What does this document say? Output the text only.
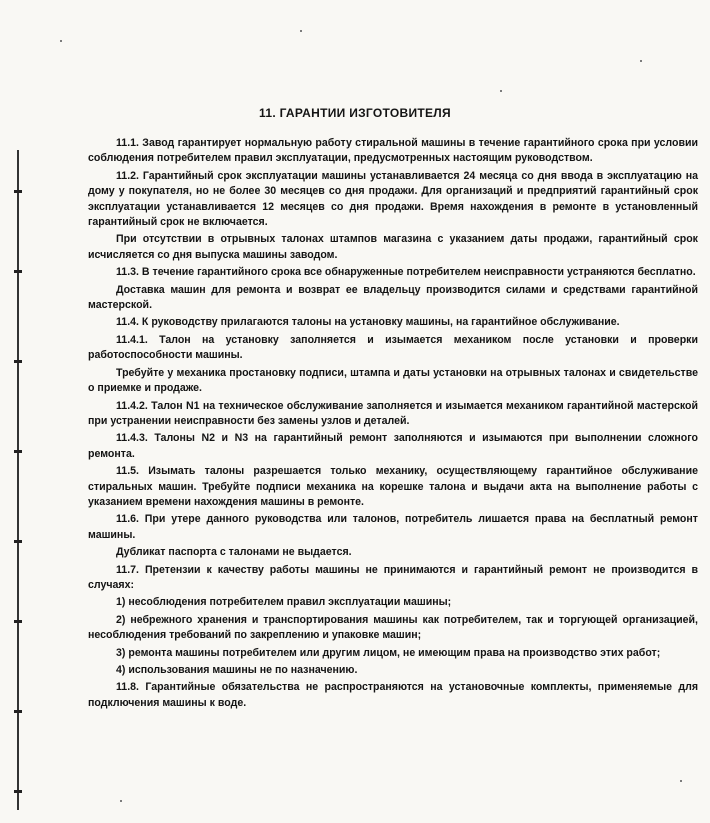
11. ГАРАНТИИ ИЗГОТОВИТЕЛЯ

11.1. Завод гарантирует нормальную работу стиральной машины в течение гарантийного срока при условии соблюдения потребителем правил эксплуатации, предусмотренных настоящим руководством.

11.2. Гарантийный срок эксплуатации машины устанавливается 24 месяца со дня ввода в эксплуатацию на дому у покупателя, но не более 30 месяцев со дня продажи. Для организаций и предприятий гарантийный срок эксплуатации устанавливается 12 месяцев со дня продажи. Время нахождения в ремонте в установленный гарантийный срок не включается.

При отсутствии в отрывных талонах штампов магазина с указанием даты продажи, гарантийный срок исчисляется со дня выпуска машины заводом.

11.3. В течение гарантийного срока все обнаруженные потребителем неисправности устраняются бесплатно.

Доставка машин для ремонта и возврат ее владельцу производится силами и средствами гарантийной мастерской.

11.4. К руководству прилагаются талоны на установку машины, на гарантийное обслуживание.

11.4.1. Талон на установку заполняется и изымается механиком после установки и проверки работоспособности машины.

Требуйте у механика простановку подписи, штампа и даты установки на отрывных талонах и свидетельстве о приемке и продаже.

11.4.2. Талон N1 на техническое обслуживание заполняется и изымается механиком гарантийной мастерской при устранении неисправности без замены узлов и деталей.

11.4.3. Талоны N2 и N3 на гарантийный ремонт заполняются и изымаются при выполнении сложного ремонта.

11.5. Изымать талоны разрешается только механику, осуществляющему гарантийное обслуживание стиральных машин. Требуйте подписи механика на корешке талона и выдачи акта на выполнение работы с указанием времени нахождения машины в ремонте.

11.6. При утере данного руководства или талонов, потребитель лишается права на бесплатный ремонт машины.

Дубликат паспорта с талонами не выдается.

11.7. Претензии к качеству работы машины не принимаются и гарантийный ремонт не производится в случаях:

1) несоблюдения потребителем правил эксплуатации машины;

2) небрежного хранения и транспортирования машины как потребителем, так и торгующей организацией, несоблюдения требований по закреплению и упаковке машин;

3) ремонта машины потребителем или другим лицом, не имеющим права на производство этих работ;

4) использования машины не по назначению.

11.8. Гарантийные обязательства не распространяются на установочные комплекты, применяемые для подключения машины к воде.
